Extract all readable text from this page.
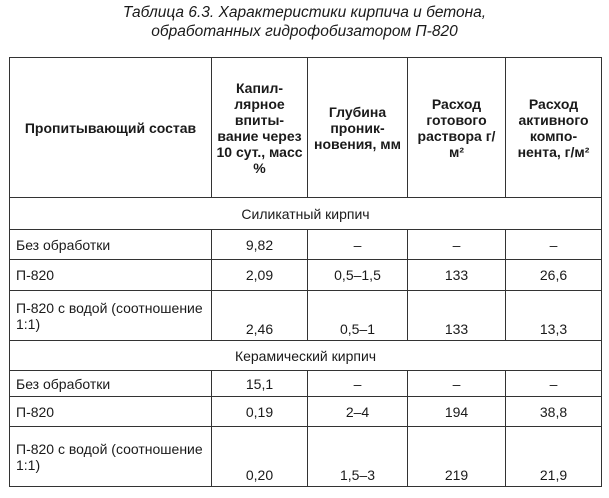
Таблица 6.3. Характеристики кирпича и бетона,
обработанных гидрофобизатором П-820
Пропитывающий состав	Капил-лярное впиты-вание через 10 сут., масс %	Глубина проник-новения, мм	Расход готового раствора г/м²	Расход активного компо-нента, г/м²
Силикатный кирпич				
Без обработки	9,82	–	–	–
П-820	2,09	0,5–1,5	133	26,6
П-820 с водой (соотношение 1:1)	2,46	0,5–1	133	13,3
Керамический кирпич				
Без обработки	15,1	–	–	–
П-820	0,19	2–4	194	38,8
П-820 с водой (соотношение 1:1)	0,20	1,5–3	219	21,9
